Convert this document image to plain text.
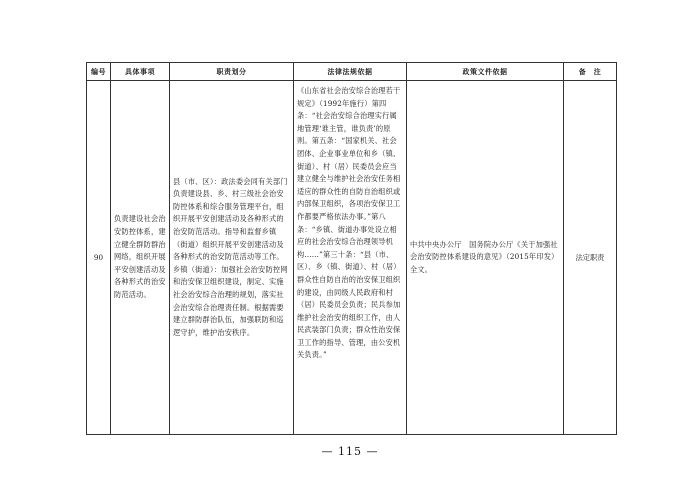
编号	具体事项	职责划分	法律法规依据	政策文件依据	备　注
90	负责建设社会治安防控体系，建立健全群防群治网络，组织开展平安创建活动及各种形式的治安防范活动。	县（市、区）：政法委会同有关部门负责建设县、乡、村三级社会治安防控体系和综合服务管理平台，组织开展平安创建活动及各种形式的治安防范活动。指导和监督乡镇（街道）组织开展平安创建活动及各种形式的治安防范活动等工作。

乡镇（街道）：加强社会治安防控网和治安保卫组织建设，制定、实施社会治安综合治理的规划，落实社会治安综合治理责任制。根据需要建立群防群治队伍，加强联防和巡逻守护，维护治安秩序。	《山东省社会治安综合治理若干规定》（1992年施行）第四条：“社会治安综合治理实行属地管理‘谁主管，谁负责’的原则。第五条：“国家机关、社会团体、企业事业单位和乡（镇、街道）、村（居）民委员会应当建立健全与维护社会治安任务相适应的群众性的自防自治组织或内部保卫组织，各项治安保卫工作都要严格依法办事。”第八条：“乡镇、街道办事处设立相应的社会治安综合治理领导机构……”第三十条：“县（市、区）、乡（镇、街道）、村（居）群众性自防自治的治安保卫组织的建设，由同级人民政府和村（居）民委员会负责；民兵参加维护社会治安的组织工作，由人民武装部门负责；群众性治安保卫工作的指导、管理，由公安机关负责。”	中共中央办公厅　国务院办公厅《关于加强社会治安防控体系建设的意见》（2015年印发）全文。	法定职责
— 115 —
